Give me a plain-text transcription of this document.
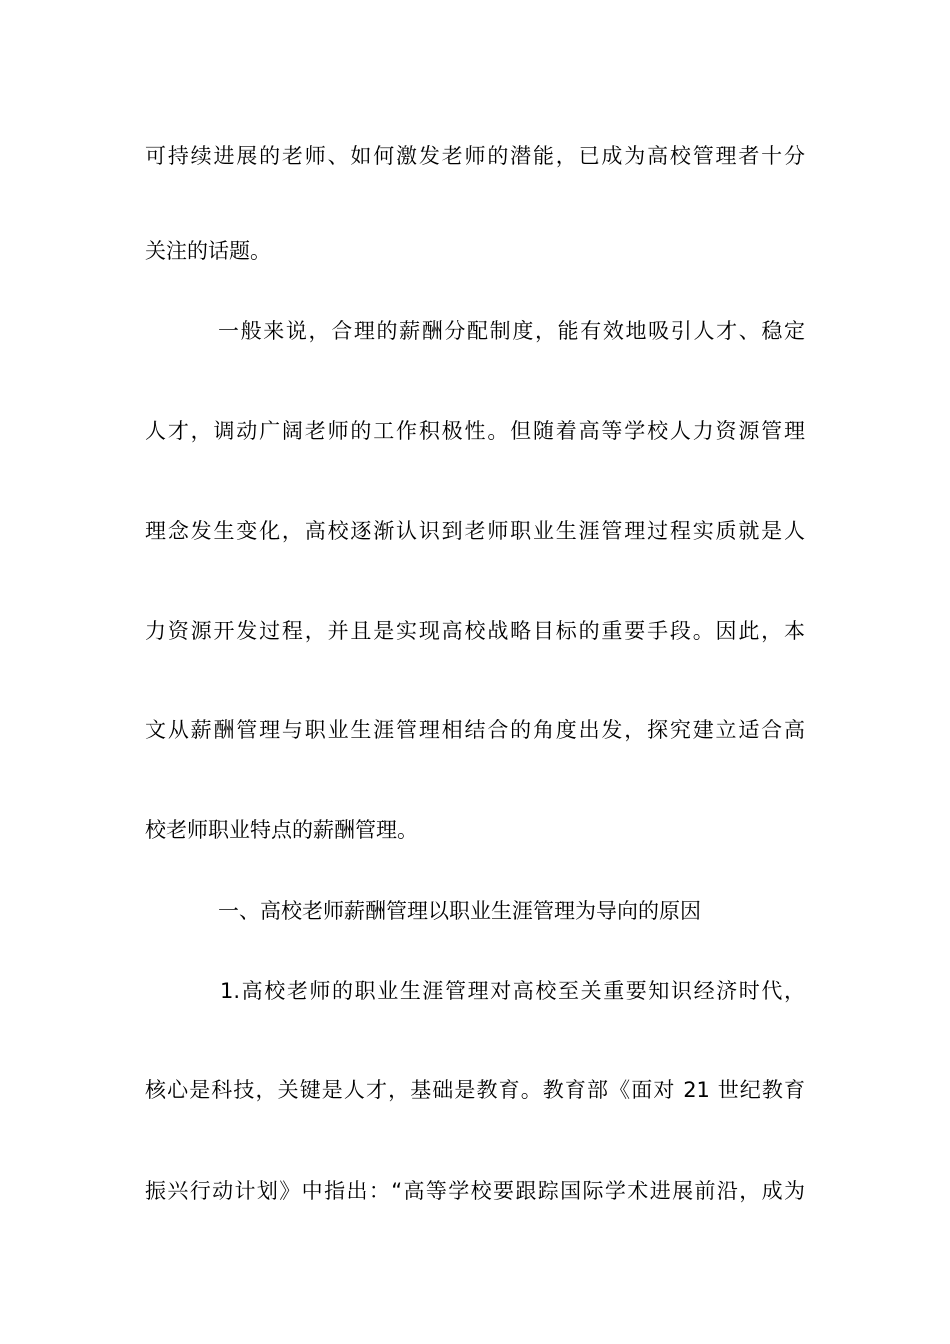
可持续进展的老师、如何激发老师的潜能，已成为高校管理者十分
关注的话题。
一般来说，合理的薪酬分配制度，能有效地吸引人才、稳定
人才，调动广阔老师的工作积极性。但随着高等学校人力资源管理
理念发生变化，高校逐渐认识到老师职业生涯管理过程实质就是人
力资源开发过程，并且是实现高校战略目标的重要手段。因此，本
文从薪酬管理与职业生涯管理相结合的角度出发，探究建立适合高
校老师职业特点的薪酬管理。
一、高校老师薪酬管理以职业生涯管理为导向的原因
1.高校老师的职业生涯管理对高校至关重要知识经济时代，
核心是科技，关键是人才，基础是教育。教育部《面对 21 世纪教育
振兴行动计划》中指出：“高等学校要跟踪国际学术进展前沿，成为
